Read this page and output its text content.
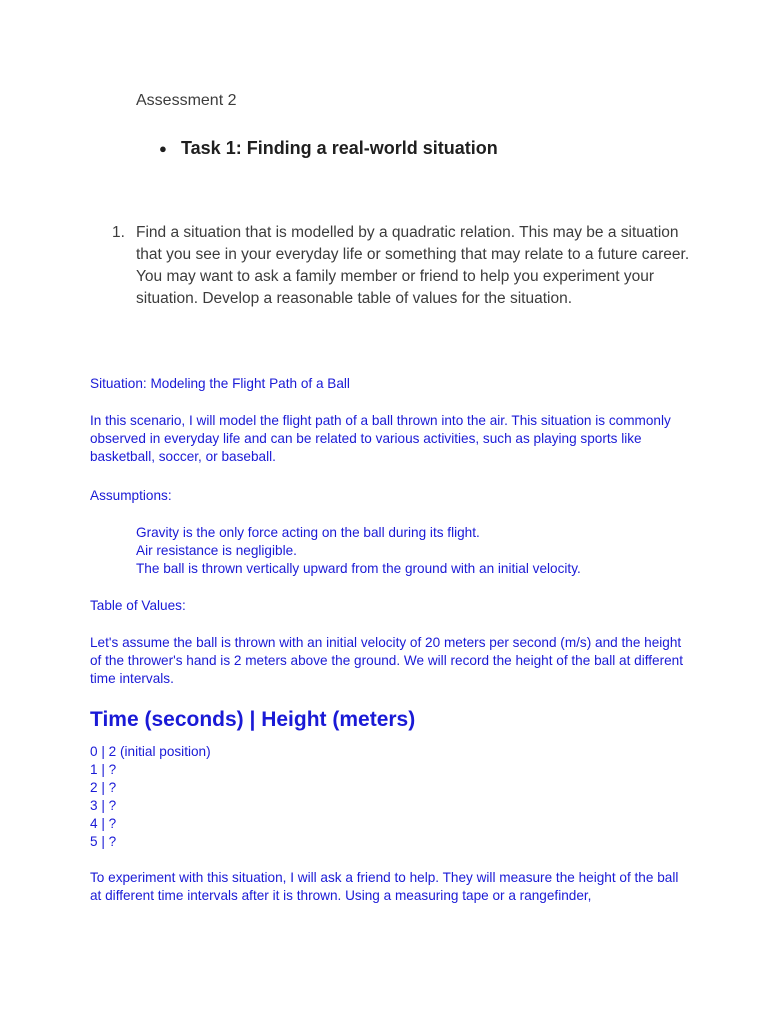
Assessment 2
● Task 1: Finding a real-world situation
1. Find a situation that is modelled by a quadratic relation. This may be a situation that you see in your everyday life or something that may relate to a future career. You may want to ask a family member or friend to help you experiment your situation. Develop a reasonable table of values for the situation.
Situation: Modeling the Flight Path of a Ball
In this scenario, I will model the flight path of a ball thrown into the air. This situation is commonly observed in everyday life and can be related to various activities, such as playing sports like basketball, soccer, or baseball.
Assumptions:
Gravity is the only force acting on the ball during its flight.
Air resistance is negligible.
The ball is thrown vertically upward from the ground with an initial velocity.
Table of Values:
Let's assume the ball is thrown with an initial velocity of 20 meters per second (m/s) and the height of the thrower's hand is 2 meters above the ground. We will record the height of the ball at different time intervals.
Time (seconds) | Height (meters)
0 | 2 (initial position)
1 | ?
2 | ?
3 | ?
4 | ?
5 | ?
To experiment with this situation, I will ask a friend to help. They will measure the height of the ball at different time intervals after it is thrown. Using a measuring tape or a rangefinder,
